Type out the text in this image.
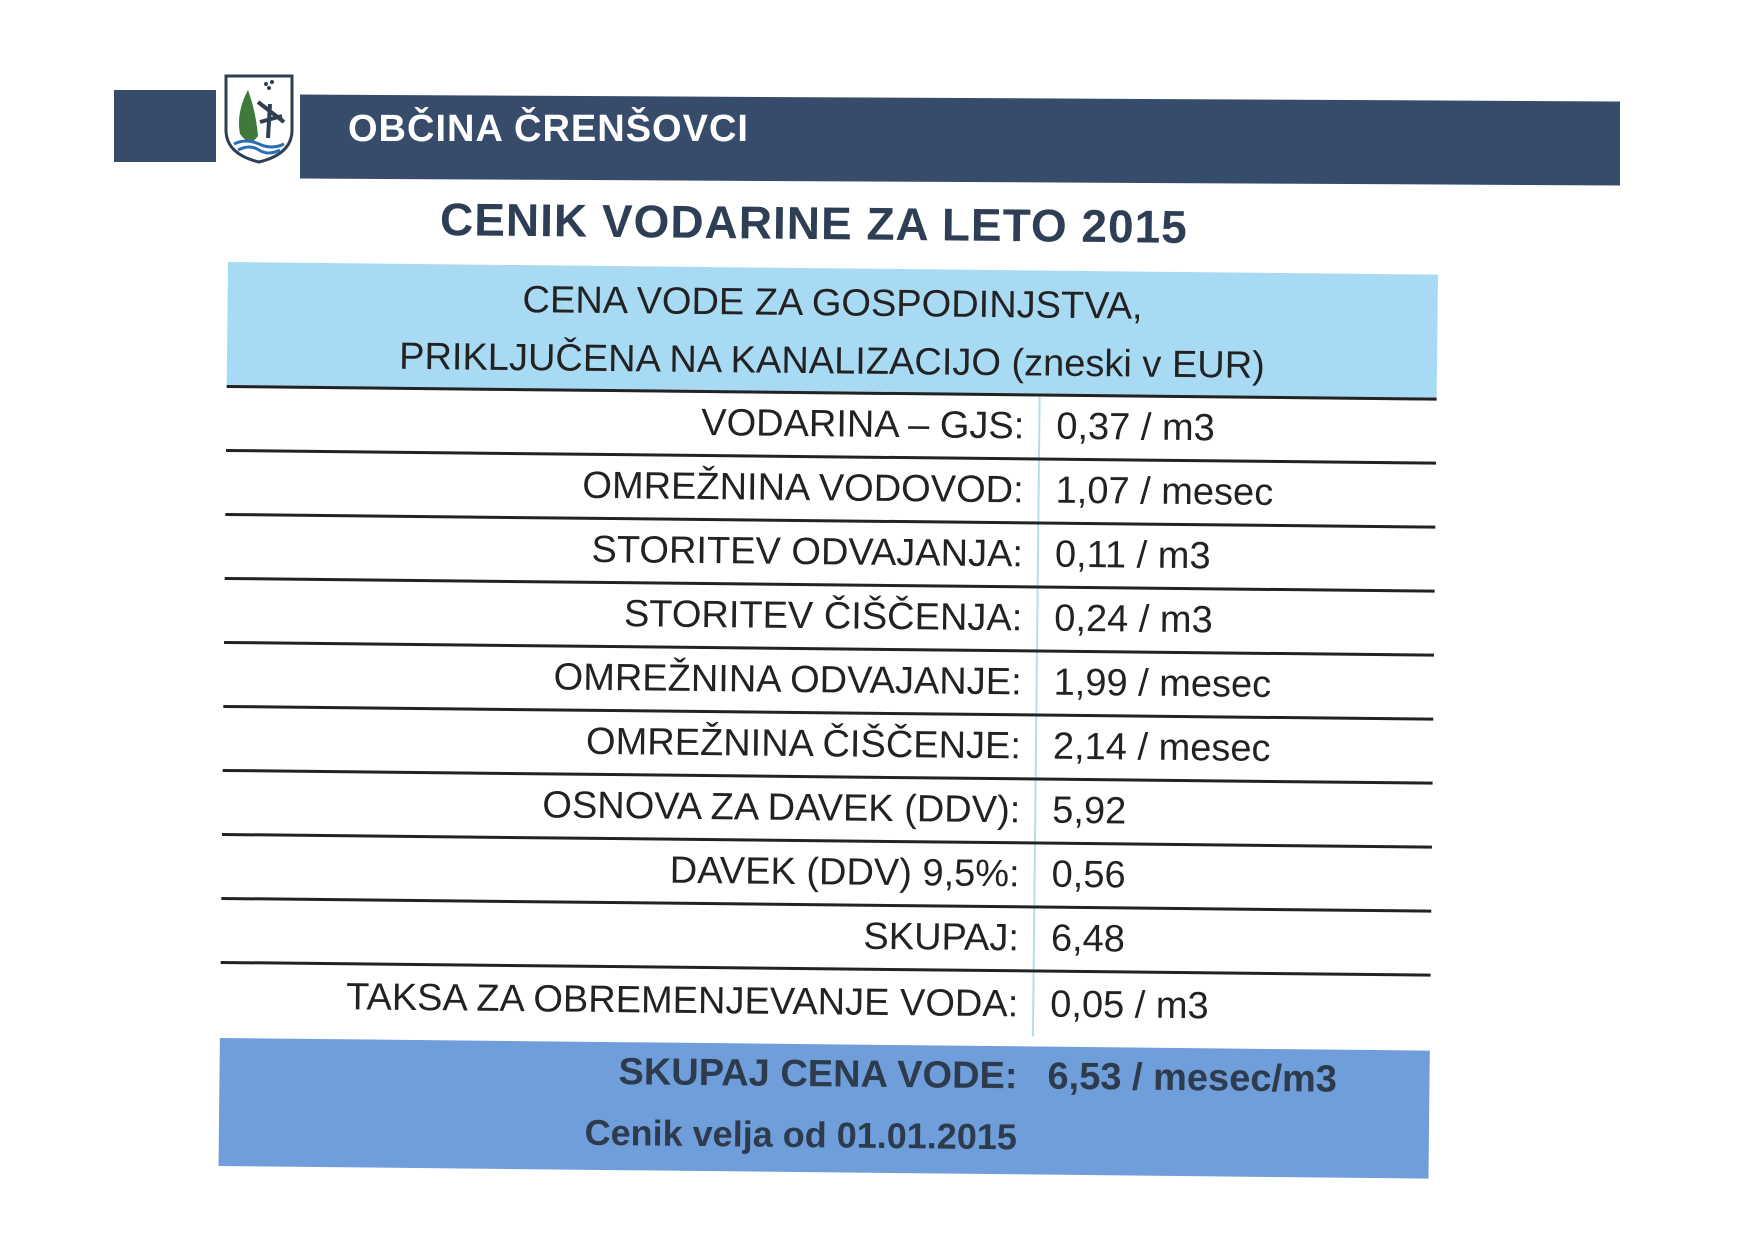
OBČINA ČRENŠOVCI
CENIK VODARINE ZA LETO 2015
CENA VODE ZA GOSPODINJSTVA,
PRIKLJUČENA NA KANALIZACIJO (zneski v EUR)
VODARINA – GJS: 0,37 / m3
OMREŽNINA VODOVOD: 1,07 / mesec
STORITEV ODVAJANJA: 0,11 / m3
STORITEV ČIŠČENJA: 0,24 / m3
OMREŽNINA ODVAJANJE: 1,99 / mesec
OMREŽNINA ČIŠČENJE: 2,14 / mesec
OSNOVA ZA DAVEK (DDV): 5,92
DAVEK (DDV) 9,5%: 0,56
SKUPAJ: 6,48
TAKSA ZA OBREMENJEVANJE VODA: 0,05 / m3
SKUPAJ CENA VODE: 6,53 / mesec/m3
Cenik velja od 01.01.2015
